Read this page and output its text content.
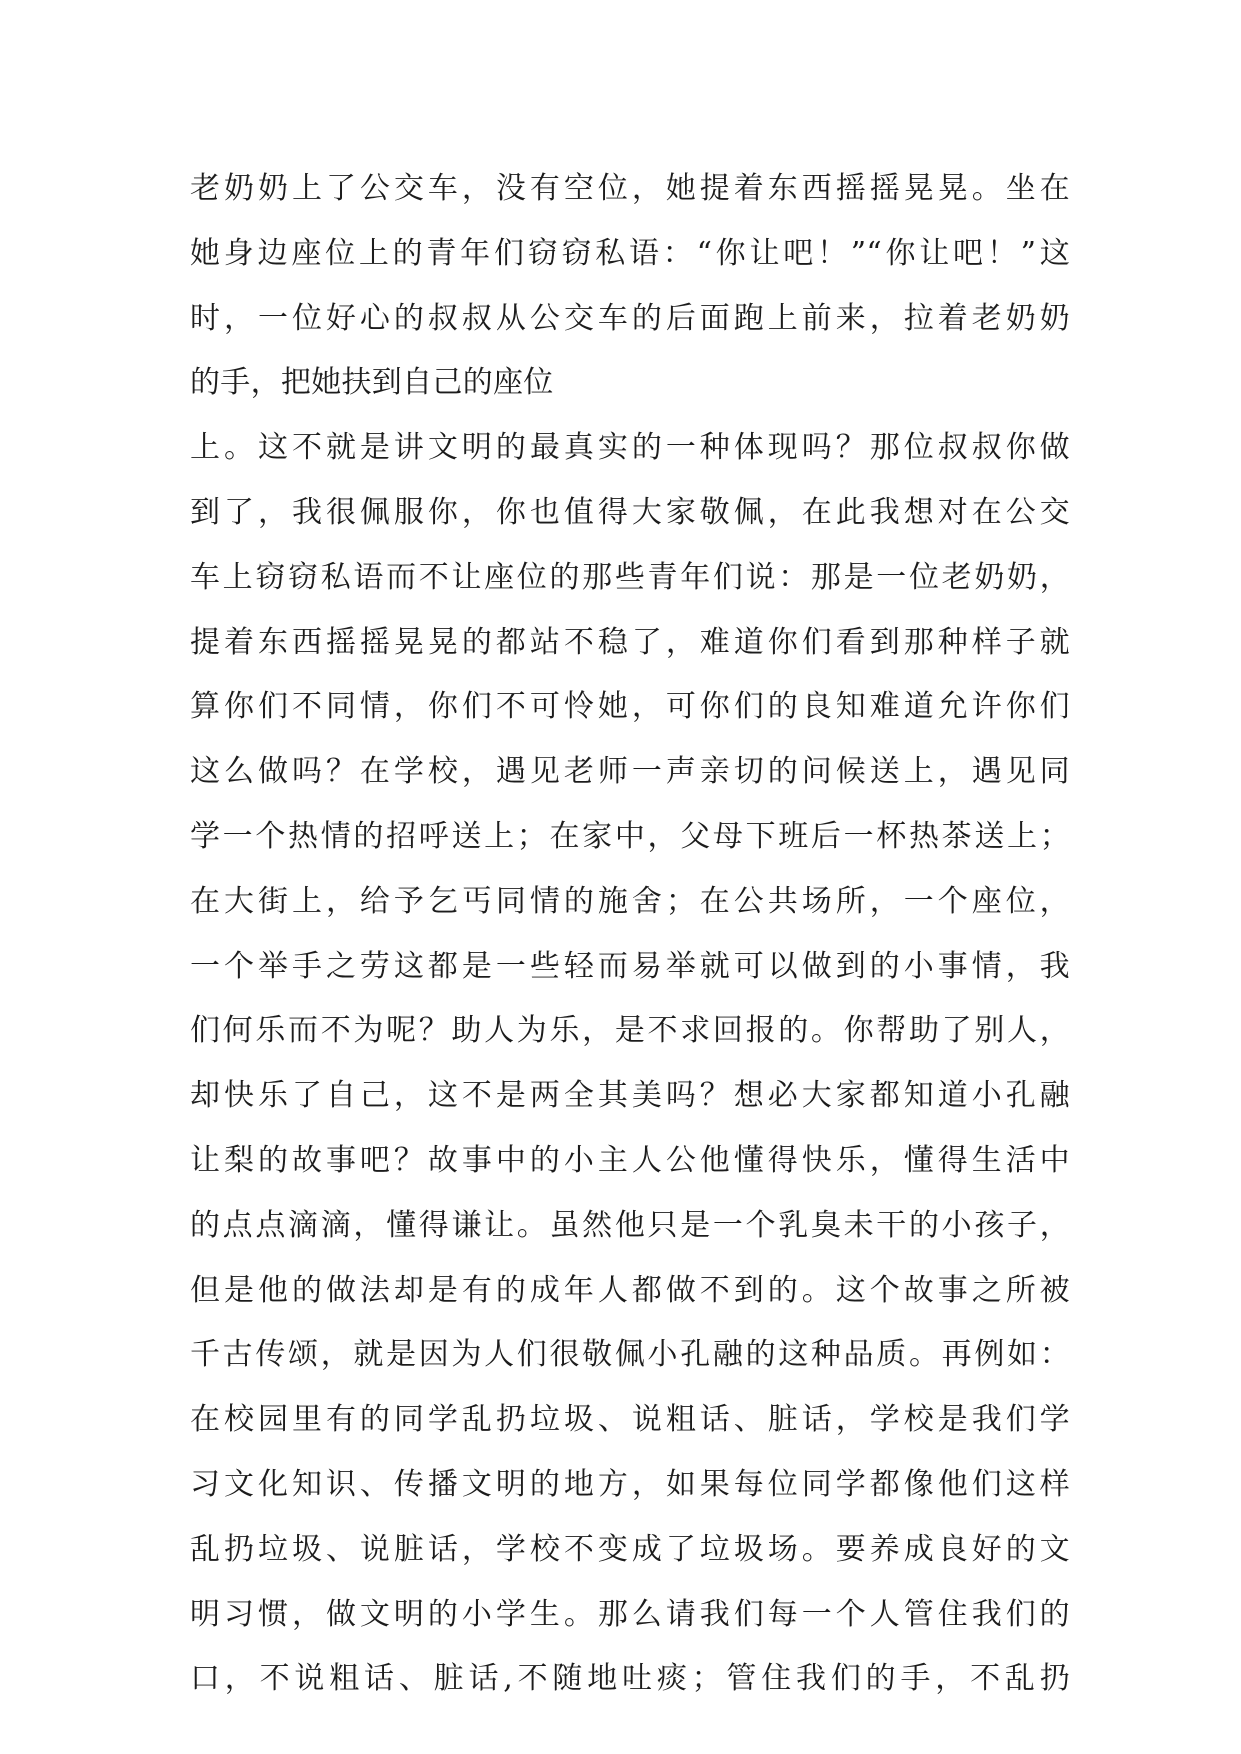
老奶奶上了公交车，没有空位，她提着东西摇摇晃晃。坐在
她身边座位上的青年们窃窃私语：“你让吧！”“你让吧！”这
时，一位好心的叔叔从公交车的后面跑上前来，拉着老奶奶
的手，把她扶到自己的座位
上。这不就是讲文明的最真实的一种体现吗？那位叔叔你做
到了，我很佩服你，你也值得大家敬佩，在此我想对在公交
车上窃窃私语而不让座位的那些青年们说：那是一位老奶奶，
提着东西摇摇晃晃的都站不稳了，难道你们看到那种样子就
算你们不同情，你们不可怜她，可你们的良知难道允许你们
这么做吗？在学校，遇见老师一声亲切的问候送上，遇见同
学一个热情的招呼送上；在家中，父母下班后一杯热茶送上；
在大街上，给予乞丐同情的施舍；在公共场所，一个座位，
一个举手之劳这都是一些轻而易举就可以做到的小事情，我
们何乐而不为呢？助人为乐，是不求回报的。你帮助了别人，
却快乐了自己，这不是两全其美吗？想必大家都知道小孔融
让梨的故事吧？故事中的小主人公他懂得快乐，懂得生活中
的点点滴滴，懂得谦让。虽然他只是一个乳臭未干的小孩子，
但是他的做法却是有的成年人都做不到的。这个故事之所被
千古传颂，就是因为人们很敬佩小孔融的这种品质。再例如：
在校园里有的同学乱扔垃圾、说粗话、脏话，学校是我们学
习文化知识、传播文明的地方，如果每位同学都像他们这样
乱扔垃圾、说脏话，学校不变成了垃圾场。要养成良好的文
明习惯，做文明的小学生。那么请我们每一个人管住我们的
口，不说粗话、脏话,不随地吐痰；管住我们的手，不乱扔
